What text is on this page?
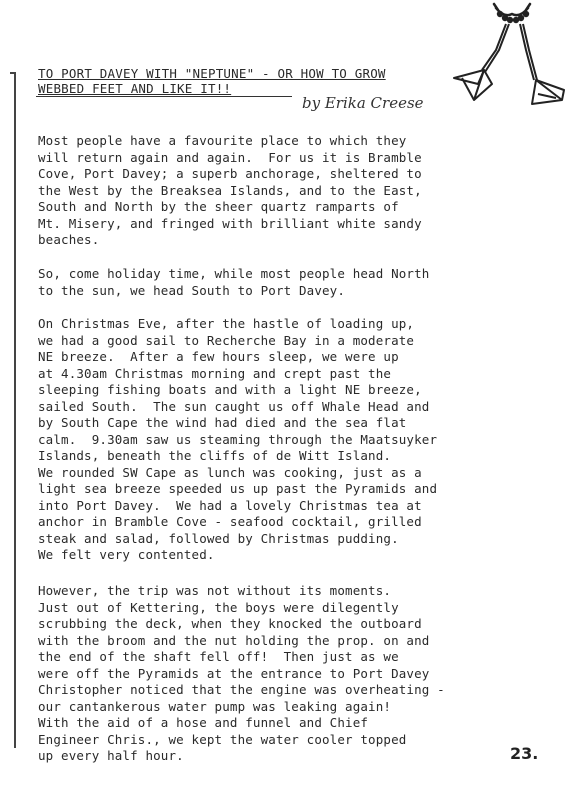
TO PORT DAVEY WITH "NEPTUNE" - OR HOW TO GROW
WEBBED FEET AND LIKE IT!!
by Erika Creese
Most people have a favourite place to which they
will return again and again.  For us it is Bramble
Cove, Port Davey; a superb anchorage, sheltered to
the West by the Breaksea Islands, and to the East,
South and North by the sheer quartz ramparts of
Mt. Misery, and fringed with brilliant white sandy
beaches.
So, come holiday time, while most people head North
to the sun, we head South to Port Davey.
On Christmas Eve, after the hastle of loading up,
we had a good sail to Recherche Bay in a moderate
NE breeze.  After a few hours sleep, we were up
at 4.30am Christmas morning and crept past the
sleeping fishing boats and with a light NE breeze,
sailed South.  The sun caught us off Whale Head and
by South Cape the wind had died and the sea flat
calm.  9.30am saw us steaming through the Maatsuyker
Islands, beneath the cliffs of de Witt Island.
We rounded SW Cape as lunch was cooking, just as a
light sea breeze speeded us up past the Pyramids and
into Port Davey.  We had a lovely Christmas tea at
anchor in Bramble Cove - seafood cocktail, grilled
steak and salad, followed by Christmas pudding.
We felt very contented.
However, the trip was not without its moments.
Just out of Kettering, the boys were dilegently
scrubbing the deck, when they knocked the outboard
with the broom and the nut holding the prop. on and
the end of the shaft fell off!  Then just as we
were off the Pyramids at the entrance to Port Davey
Christopher noticed that the engine was overheating -
our cantankerous water pump was leaking again!
With the aid of a hose and funnel and Chief
Engineer Chris., we kept the water cooler topped
up every half hour.	23.
